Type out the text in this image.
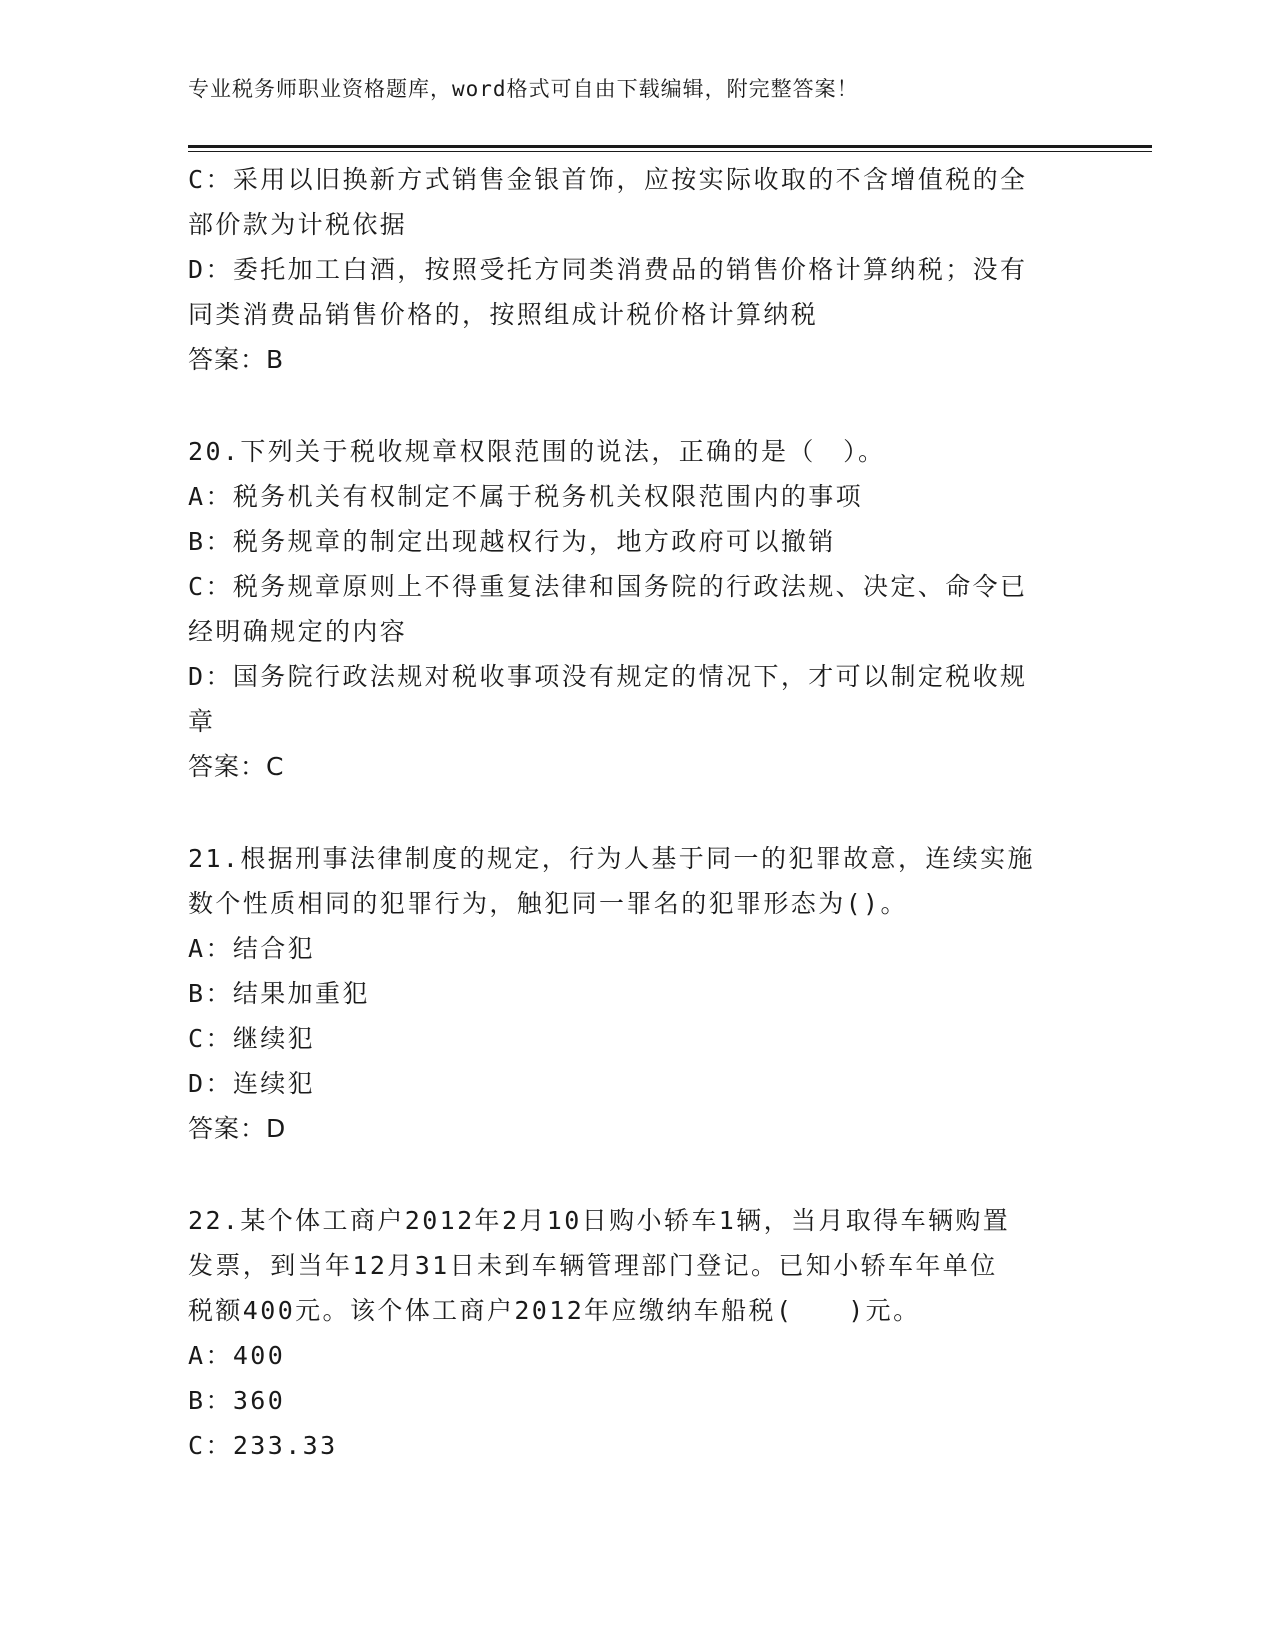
专业税务师职业资格题库，word格式可自由下载编辑，附完整答案！
C：采用以旧换新方式销售金银首饰，应按实际收取的不含增值税的全
部价款为计税依据
D：委托加工白酒，按照受托方同类消费品的销售价格计算纳税；没有
同类消费品销售价格的，按照组成计税价格计算纳税
答案：B
20.下列关于税收规章权限范围的说法，正确的是（　）。
A：税务机关有权制定不属于税务机关权限范围内的事项
B：税务规章的制定出现越权行为，地方政府可以撤销
C：税务规章原则上不得重复法律和国务院的行政法规、决定、命令已
经明确规定的内容
D：国务院行政法规对税收事项没有规定的情况下，才可以制定税收规
章
答案：C
21.根据刑事法律制度的规定，行为人基于同一的犯罪故意，连续实施
数个性质相同的犯罪行为，触犯同一罪名的犯罪形态为()。
A：结合犯
B：结果加重犯
C：继续犯
D：连续犯
答案：D
22.某个体工商户2012年2月10日购小轿车1辆，当月取得车辆购置
发票，到当年12月31日未到车辆管理部门登记。已知小轿车年单位
税额400元。该个体工商户2012年应缴纳车船税(　　)元。
A：400
B：360
C：233.33
